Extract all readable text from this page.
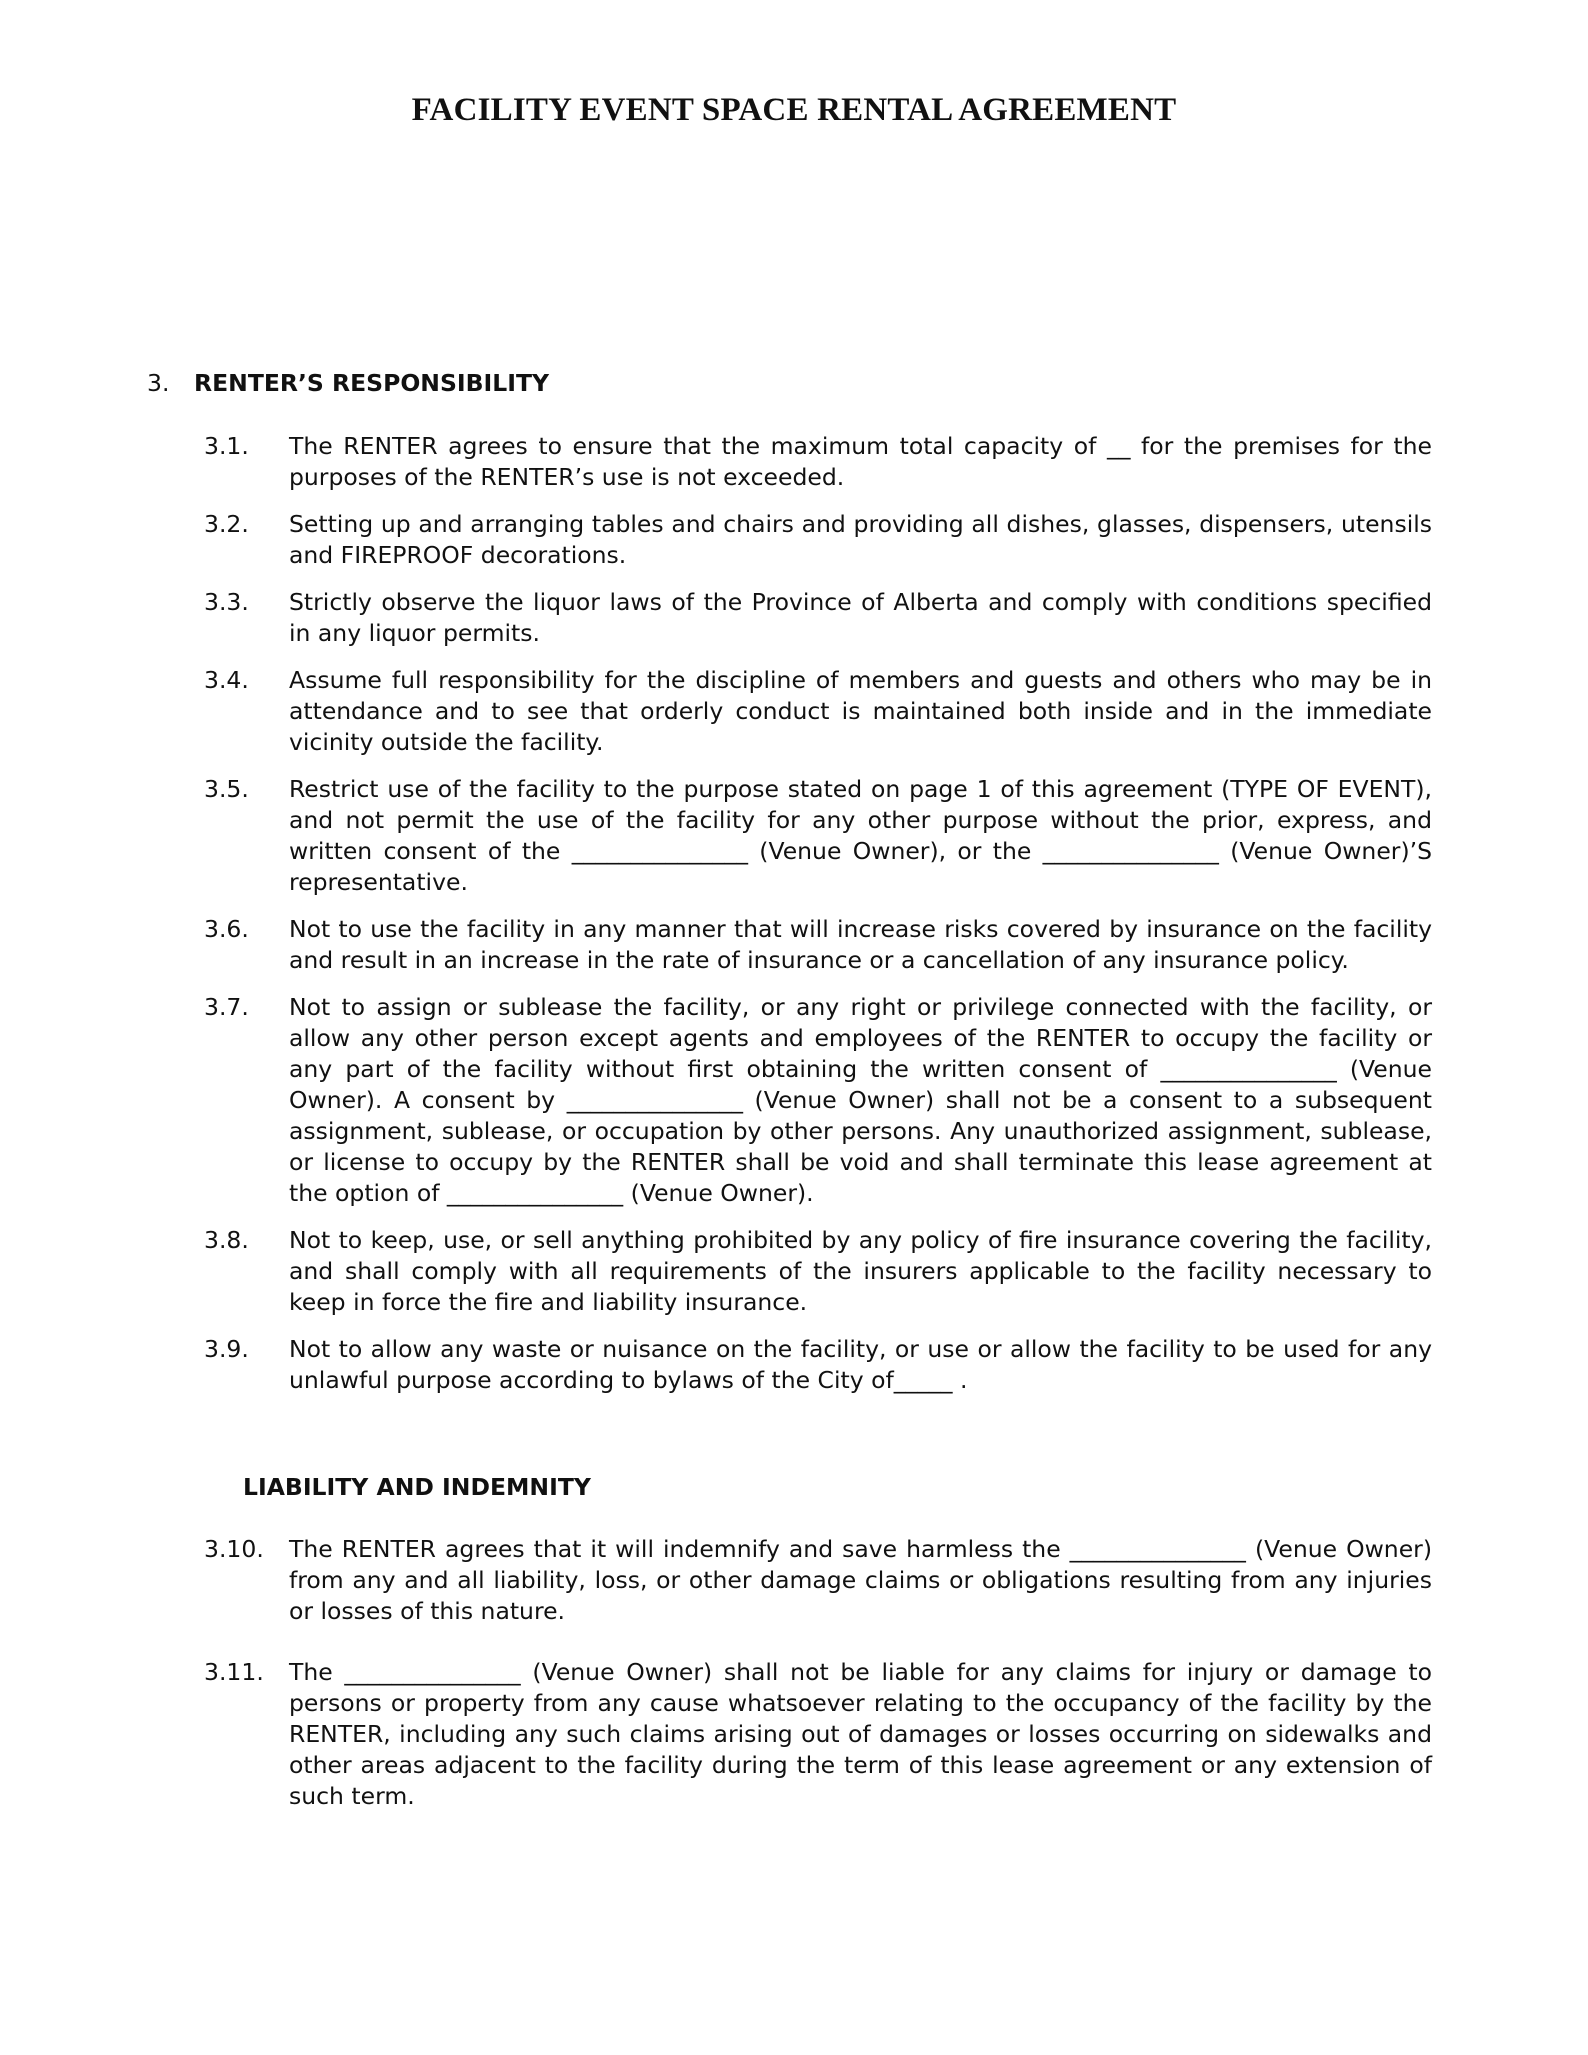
FACILITY EVENT SPACE RENTAL AGREEMENT
3. RENTER’S RESPONSIBILITY
3.1.	The RENTER agrees to ensure that the maximum total capacity of __ for the premises for the purposes of the RENTER’s use is not exceeded.
3.2.	Setting up and arranging tables and chairs and providing all dishes, glasses, dispensers, utensils and FIREPROOF decorations.
3.3.	Strictly observe the liquor laws of the Province of Alberta and comply with conditions specified in any liquor permits.
3.4.	Assume full responsibility for the discipline of members and guests and others who may be in attendance and to see that orderly conduct is maintained both inside and in the immediate vicinity outside the facility.
3.5.	Restrict use of the facility to the purpose stated on page 1 of this agreement (TYPE OF EVENT), and not permit the use of the facility for any other purpose without the prior, express, and written consent of the _______________ (Venue Owner), or the _______________ (Venue Owner)’S representative.
3.6.	Not to use the facility in any manner that will increase risks covered by insurance on the facility and result in an increase in the rate of insurance or a cancellation of any insurance policy.
3.7.	Not to assign or sublease the facility, or any right or privilege connected with the facility, or allow any other person except agents and employees of the RENTER to occupy the facility or any part of the facility without first obtaining the written consent of _______________ (Venue Owner). A consent by _______________ (Venue Owner) shall not be a consent to a subsequent assignment, sublease, or occupation by other persons. Any unauthorized assignment, sublease, or license to occupy by the RENTER shall be void and shall terminate this lease agreement at the option of _______________ (Venue Owner).
3.8.	Not to keep, use, or sell anything prohibited by any policy of fire insurance covering the facility, and shall comply with all requirements of the insurers applicable to the facility necessary to keep in force the fire and liability insurance.
3.9.	Not to allow any waste or nuisance on the facility, or use or allow the facility to be used for any unlawful purpose according to bylaws of the City of_____ .
LIABILITY AND INDEMNITY
3.10.	The RENTER agrees that it will indemnify and save harmless the _______________ (Venue Owner) from any and all liability, loss, or other damage claims or obligations resulting from any injuries or losses of this nature.
3.11.	The _______________ (Venue Owner) shall not be liable for any claims for injury or damage to persons or property from any cause whatsoever relating to the occupancy of the facility by the RENTER, including any such claims arising out of damages or losses occurring on sidewalks and other areas adjacent to the facility during the term of this lease agreement or any extension of such term.
